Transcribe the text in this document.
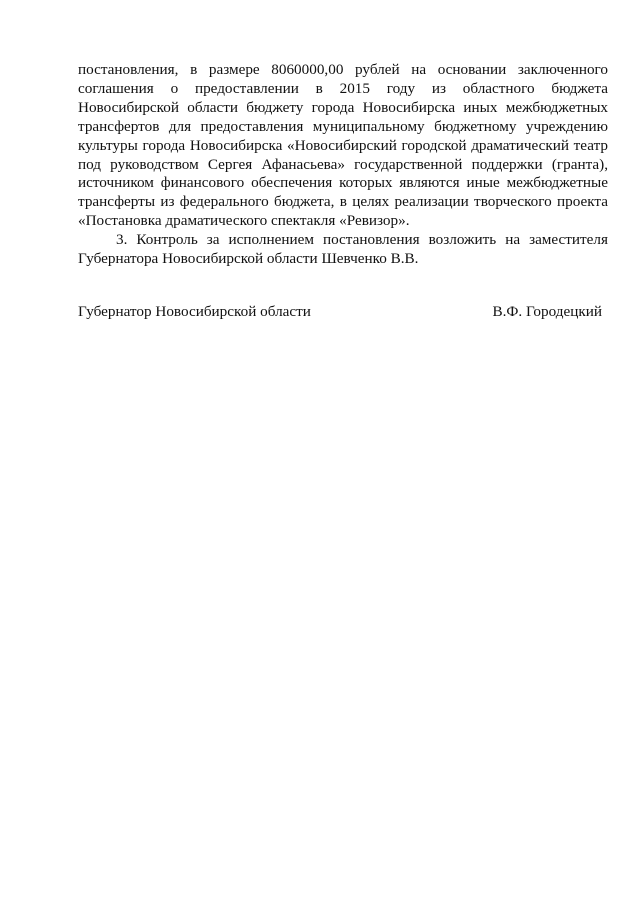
постановления, в размере 8060000,00 рублей на основании заключенного соглашения о предоставлении в 2015 году из областного бюджета Новосибирской области бюджету города Новосибирска иных межбюджетных трансфертов для предоставления муниципальному бюджетному учреждению культуры города Новосибирска «Новосибирский городской драматический театр под руководством Сергея Афанасьева» государственной поддержки (гранта), источником финансового обеспечения которых являются иные межбюджетные трансферты из федерального бюджета, в целях реализации творческого проекта «Постановка драматического спектакля «Ревизор».

3. Контроль за исполнением постановления возложить на заместителя Губернатора Новосибирской области Шевченко В.В.

Губернатор Новосибирской области	В.Ф. Городецкий
